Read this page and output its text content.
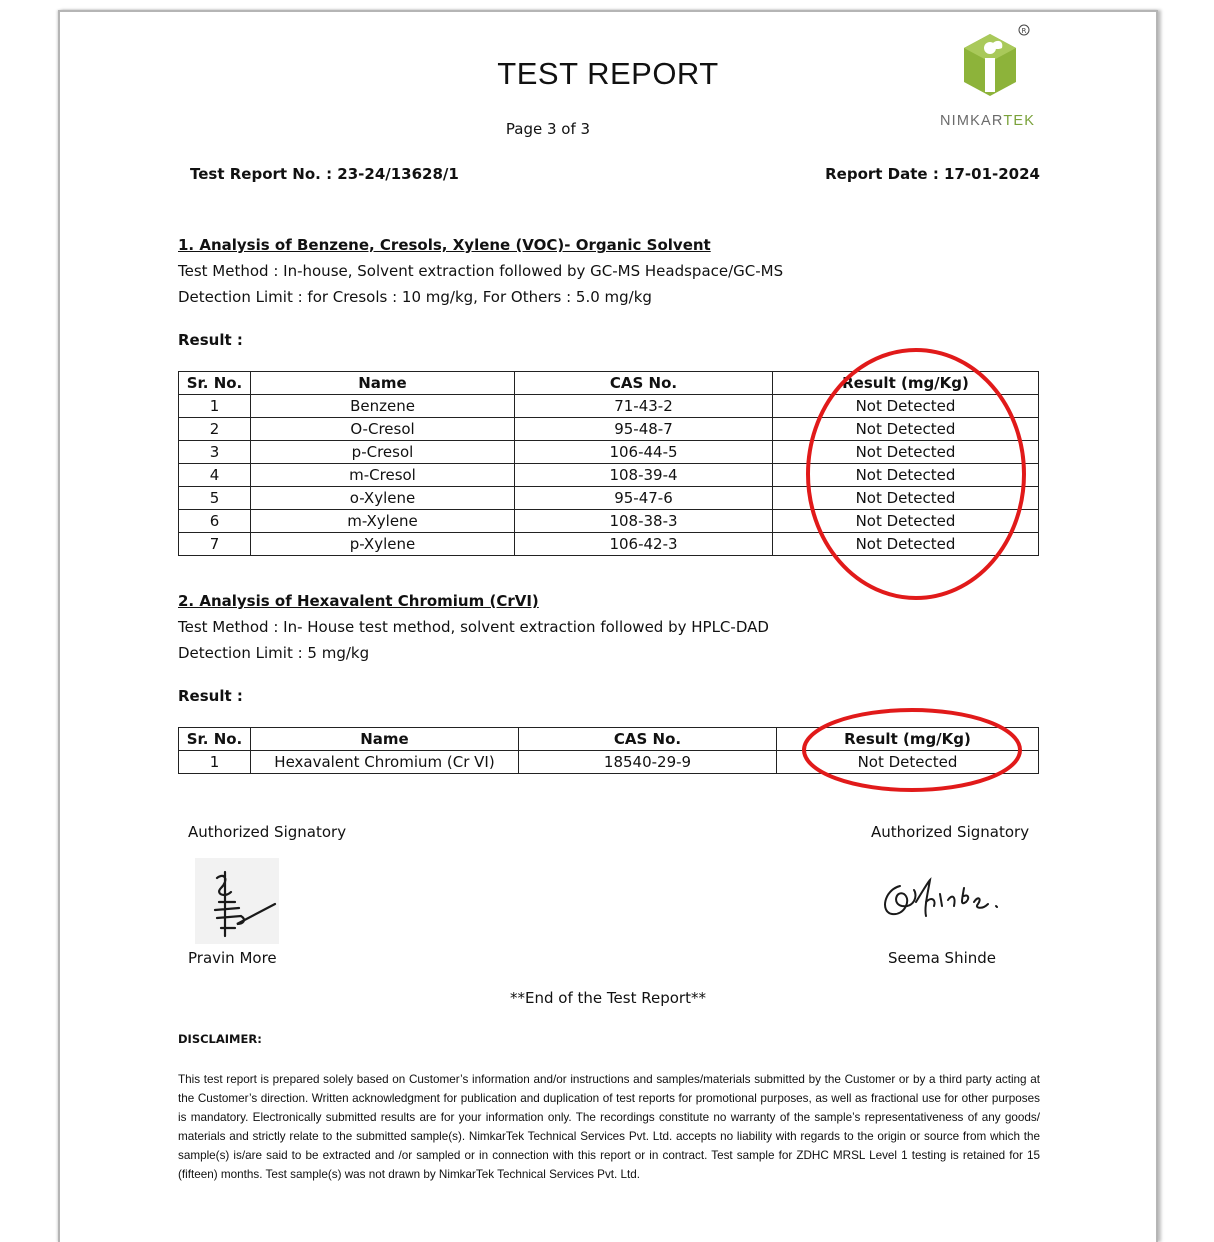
TEST REPORT
Page 3 of 3
R
NIMKARTEK
Test Report No. : 23-24/13628/1	Report Date : 17-01-2024
1. Analysis of Benzene, Cresols, Xylene (VOC)- Organic Solvent
Test Method : In-house, Solvent extraction followed by GC-MS Headspace/GC-MS
Detection Limit : for Cresols : 10 mg/kg, For Others : 5.0 mg/kg
Result :
Sr. No.	Name	CAS No.	Result (mg/Kg)
1	Benzene	71-43-2	Not Detected
2	O-Cresol	95-48-7	Not Detected
3	p-Cresol	106-44-5	Not Detected
4	m-Cresol	108-39-4	Not Detected
5	o-Xylene	95-47-6	Not Detected
6	m-Xylene	108-38-3	Not Detected
7	p-Xylene	106-42-3	Not Detected
2. Analysis of Hexavalent Chromium (CrVI)
Test Method : In- House test method, solvent extraction followed by HPLC-DAD
Detection Limit : 5 mg/kg
Result :
Sr. No.	Name	CAS No.	Result (mg/Kg)
1	Hexavalent Chromium (Cr VI)	18540-29-9	Not Detected
Authorized Signatory
Pravin More
Authorized Signatory
Seema Shinde
**End of the Test Report**
DISCLAIMER:
This test report is prepared solely based on Customer’s information and/or instructions and samples/materials submitted by the Customer or by a third party acting at the Customer’s direction. Written acknowledgment for publication and duplication of test reports for promotional purposes, as well as fractional use for other purposes is mandatory. Electronically submitted results are for your information only. The recordings constitute no warranty of the sample’s representativeness of any goods/ materials and strictly relate to the submitted sample(s). NimkarTek Technical Services Pvt. Ltd. accepts no liability with regards to the origin or source from which the sample(s) is/are said to be extracted and /or sampled or in connection with this report or in contract. Test sample for ZDHC MRSL Level 1 testing is retained for 15 (fifteen) months. Test sample(s) was not drawn by NimkarTek Technical Services Pvt. Ltd.
